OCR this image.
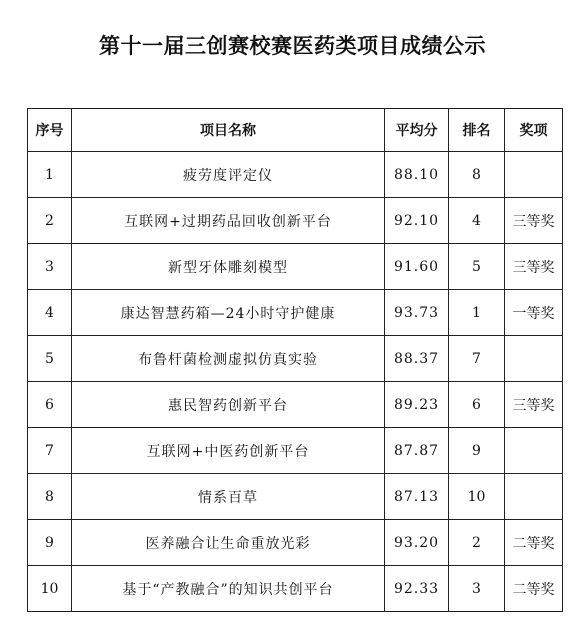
第十一届三创赛校赛医药类项目成绩公示
序号	项目名称	平均分	排名	奖项
1	疲劳度评定仪	88.10	8	
2	互联网+过期药品回收创新平台	92.10	4	三等奖
3	新型牙体雕刻模型	91.60	5	三等奖
4	康达智慧药箱—24小时守护健康	93.73	1	一等奖
5	布鲁杆菌检测虚拟仿真实验	88.37	7	
6	惠民智药创新平台	89.23	6	三等奖
7	互联网+中医药创新平台	87.87	9	
8	情系百草	87.13	10	
9	医养融合让生命重放光彩	93.20	2	二等奖
10	基于“产教融合”的知识共创平台	92.33	3	二等奖
